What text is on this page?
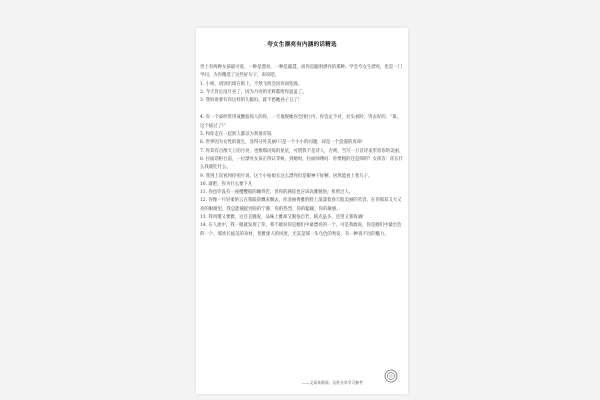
夸女生漂亮有内涵的话精选

世上有两种女孩最可爱，一种是漂亮，一种是聪慧，而你是聪明漂亮的那种。学会夸女生漂亮，也是一门学问，为你精选了这些好句子，说说吧。

1. 小姐，请别出现在街上，不然飞机会因你而坠毁。

2. 今天肯定没月亮了，因为月亮的光辉都给你遮盖了。

3. 我妈说要有你这样的儿媳妇，就不愁她孙子丑了！

4. 有一个姿经常用戒酸报惊人的你，一天他现她你全围行内，你会定不对，拉头看时，突去好的，“靠，这个拔过了!”

5. 和你走在一起别人都以为我很有钱

6. 世界因为女性的诞生，显得分外美丽!只是一个小小的问题，却是一个浪漫的真谛!

7. 你其有点像天上的月亮，也像那闪烁的星星，可惜我不是诗人，否则，当写一万首诗来形容你的美丽。

8. 拉面话柜台前，一位漂亮女孩正得认等候，到她时，拉面师傅问：你要粗的还是细的？女孩答：你长什么我就吃什么。

9. 我到上次看到你照片说，这个小姑娘长这么漂亮但是眼神不好啊，居然能看上我儿子。

10. 就吧，你为什么要下凡

11. 你也许没有一座樱樱般的蹦得若，但你的满哇也应该高雅脱俗，机智过人。

12. 你像一片轻柔的云在我眼前飘来飘去，你清丽秀雅的脸上荡漾着春天般美丽的笑容，在你那双又大又亮的眼睛里，我总能捕捉到你的宁静，你的热烈，你的聪颖，你的敏感。

13. 我风慢又要雅，这目且腾发，品味上雅却又脱俗自若，缺点虽多，还望又寡海涵!

14. 在人流中，我一眼就发现了你，我不敢说你是她们中最漂亮的一个，可是我敢说，你是她们中最出色的一个。那坎长披美的身材，优雅迷人的风度，尤其是那一头乌色的秀发，有一种说不出的魅力。

——文章来源网，仅供分享学习参考
